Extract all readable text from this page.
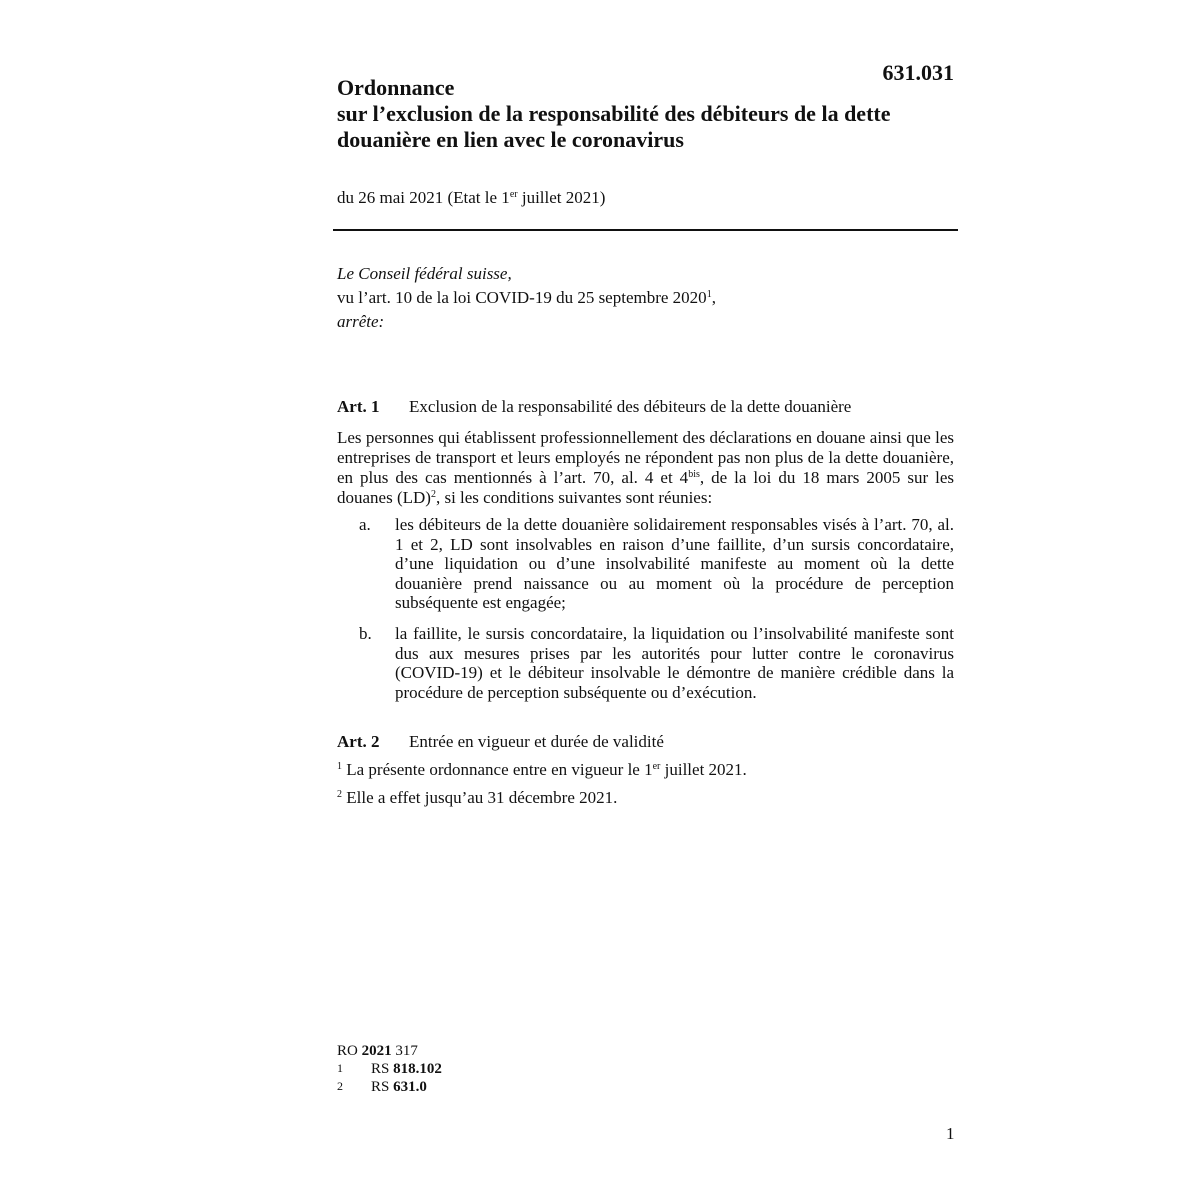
631.031
Ordonnance
sur l’exclusion de la responsabilité des débiteurs de la dette
douanière en lien avec le coronavirus
du 26 mai 2021 (Etat le 1er juillet 2021)
Le Conseil fédéral suisse,
vu l’art. 10 de la loi COVID-19 du 25 septembre 2020$^1$,
arrête:
Art. 1 Exclusion de la responsabilité des débiteurs de la dette douanière
Les personnes qui établissent professionnellement des déclarations en douane ainsi que les entreprises de transport et leurs employés ne répondent pas non plus de la dette douanière, en plus des cas mentionnés à l’art. 70, al. 4 et $4^{bis}$, de la loi du 18 mars 2005 sur les douanes (LD)$^2$, si les conditions suivantes sont réunies:
a. les débiteurs de la dette douanière solidairement responsables visés à l’art. 70, al. 1 et 2, LD sont insolvables en raison d’une faillite, d’un sursis concordataire, d’une liquidation ou d’une insolvabilité manifeste au moment où la dette douanière prend naissance ou au moment où la procédure de perception subséquente est engagée;
b. la faillite, le sursis concordataire, la liquidation ou l’insolvabilité manifeste sont dus aux mesures prises par les autorités pour lutter contre le coronavirus (COVID-19) et le débiteur insolvable le démontre de manière crédible dans la procédure de perception subséquente ou d’exécution.
Art. 2 Entrée en vigueur et durée de validité
$^1$ La présente ordonnance entre en vigueur le 1er juillet 2021.
$^2$ Elle a effet jusqu’au 31 décembre 2021.
RO 2021 317
1 RS 818.102
2 RS 631.0
1
